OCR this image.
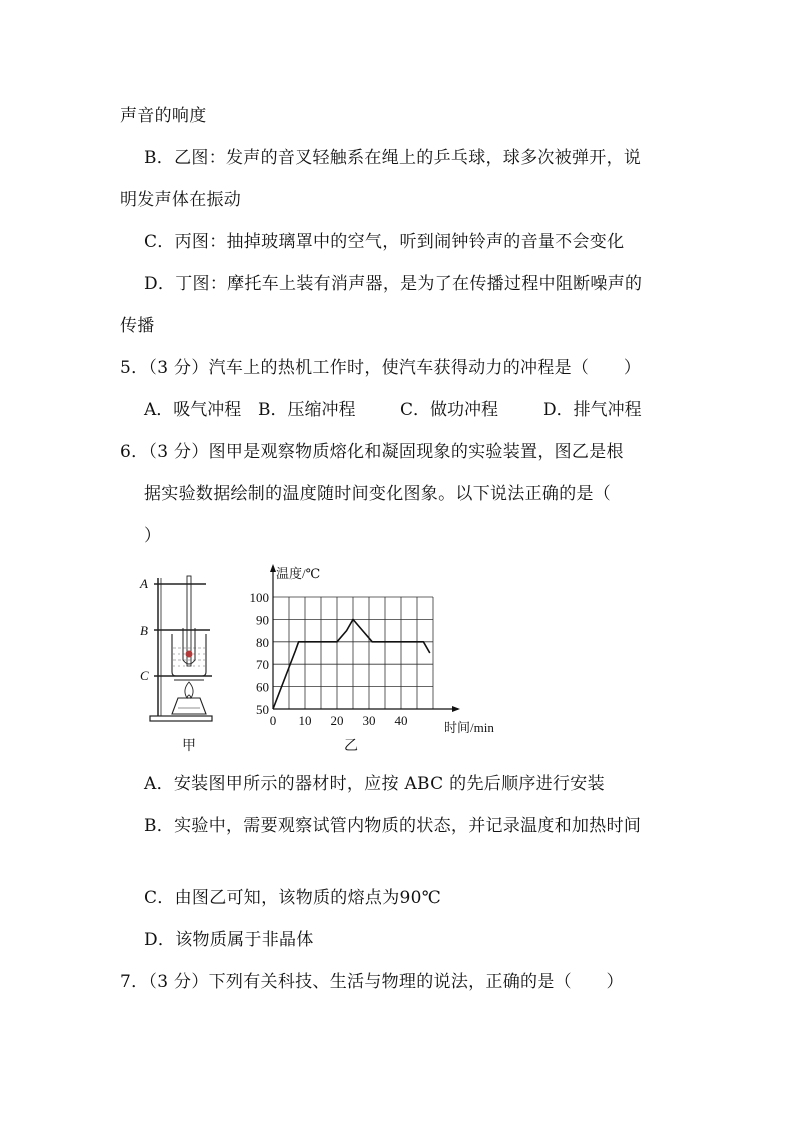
声音的响度
B．乙图：发声的音叉轻触系在绳上的乒乓球，球多次被弹开，说
明发声体在振动
C．丙图：抽掉玻璃罩中的空气，听到闹钟铃声的音量不会变化
D．丁图：摩托车上装有消声器，是为了在传播过程中阻断噪声的
传播
5．（3 分）汽车上的热机工作时，使汽车获得动力的冲程是（　　）
A．吸气冲程 B．压缩冲程	C．做功冲程	D．排气冲程
6．（3 分）图甲是观察物质熔化和凝固现象的实验装置，图乙是根
据实验数据绘制的温度随时间变化图象。以下说法正确的是（
）
A
B
C
甲
0 10 20 30 40
50
60
70
80
90
100
温度/℃
时间/min
乙
A．安装图甲所示的器材时，应按 ABC 的先后顺序进行安装
B．实验中，需要观察试管内物质的状态，并记录温度和加热时间
C．由图乙可知，该物质的熔点为90℃
D．该物质属于非晶体
7．（3 分）下列有关科技、生活与物理的说法，正确的是（　　）
